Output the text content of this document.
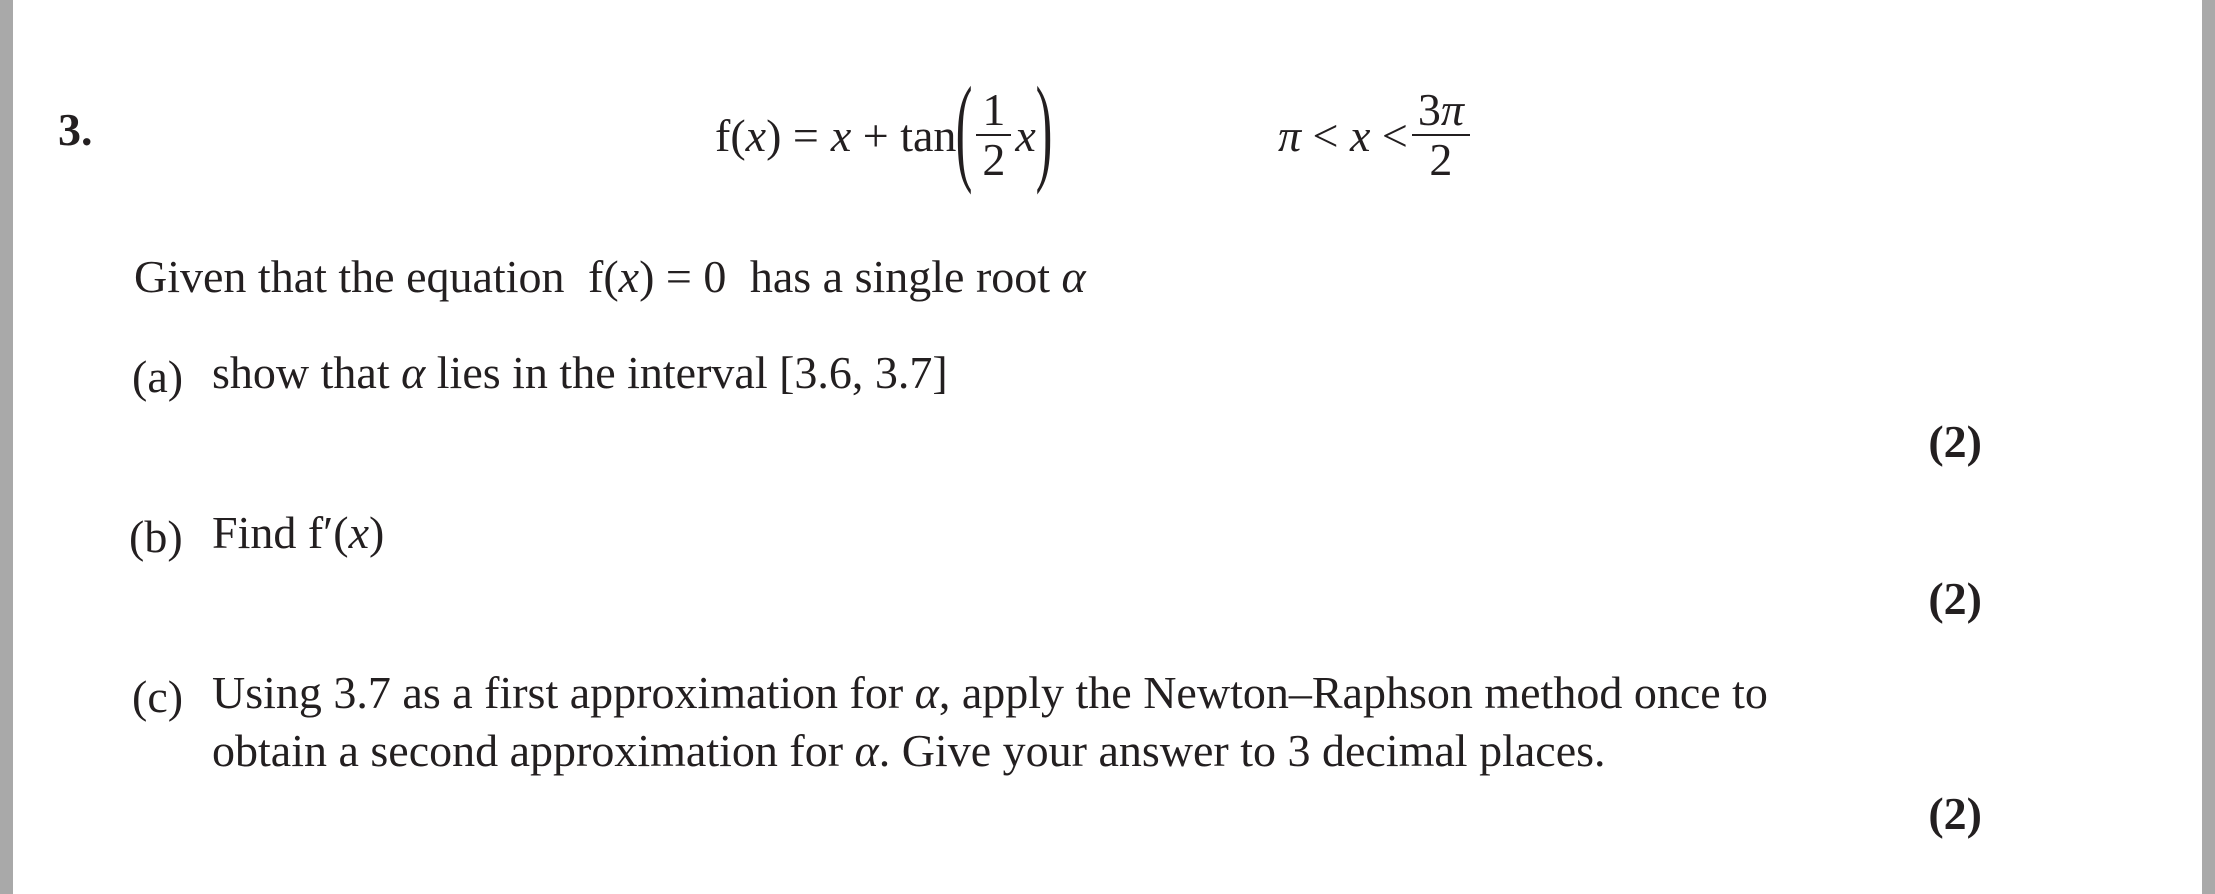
3.	f(x) = x + tan ( $\frac{1}{2}$ x )	$\pi < x < \frac{3\pi}{2}$
Given that the equation f(x) = 0 has a single root α
(a) show that α lies in the interval [3.6, 3.7]
(2)
(b) Find f′(x)
(2)
(c) Using 3.7 as a first approximation for α, apply the Newton–Raphson method once to
obtain a second approximation for α. Give your answer to 3 decimal places.
(2)
